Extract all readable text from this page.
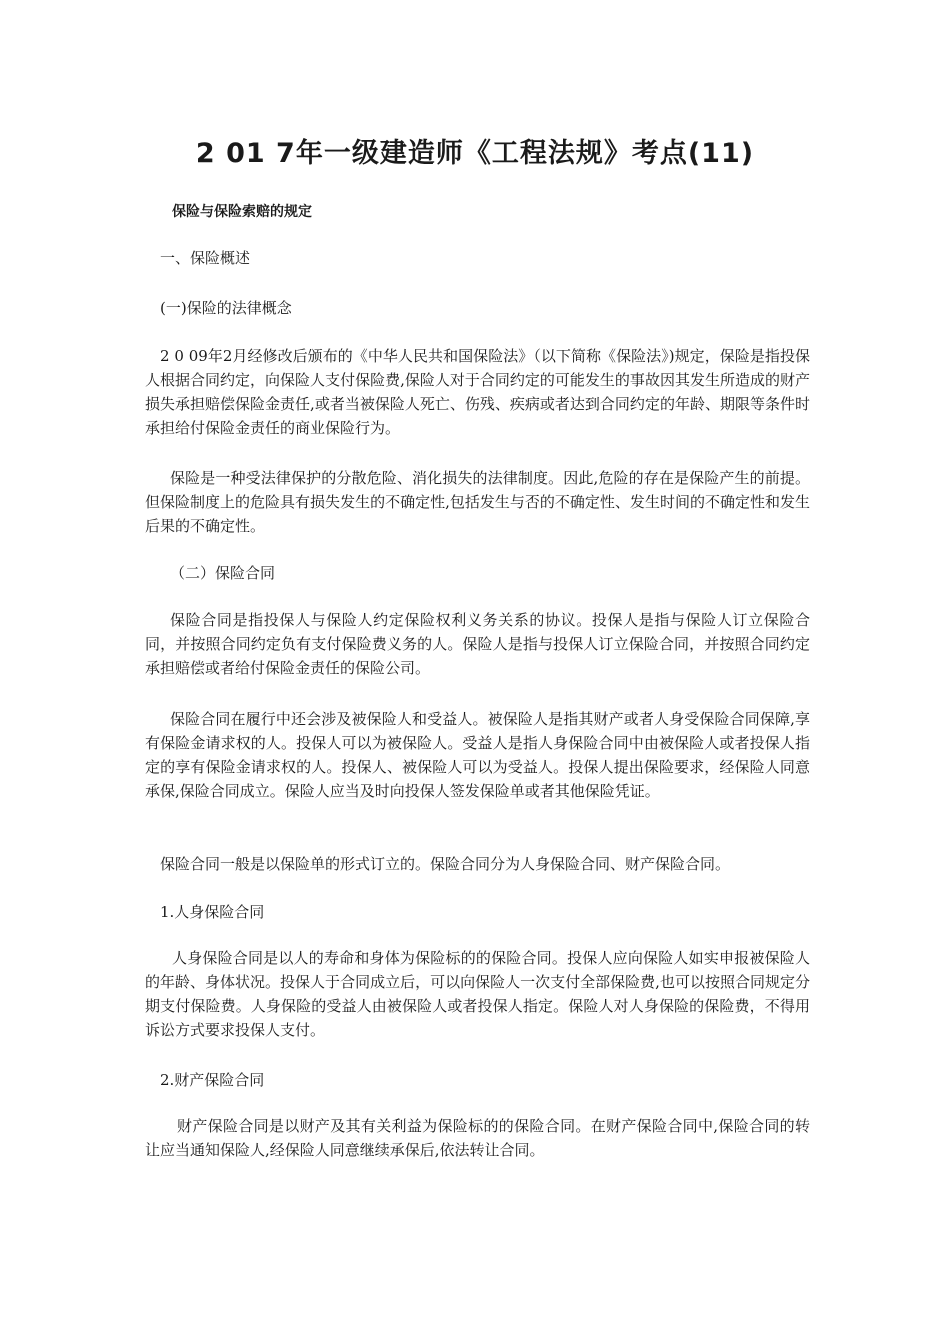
2 01 7年一级建造师《工程法规》考点(11)
保险与保险索赔的规定
一、保险概述
(一)保险的法律概念
2 0 09年2月经修改后颁布的《中华人民共和国保险法》（以下简称《保险法》)规定，保险是指投保人根据合同约定，向保险人支付保险费,保险人对于合同约定的可能发生的事故因其发生所造成的财产损失承担赔偿保险金责任,或者当被保险人死亡、伤残、疾病或者达到合同约定的年龄、期限等条件时承担给付保险金责任的商业保险行为。
保险是一种受法律保护的分散危险、消化损失的法律制度。因此,危险的存在是保险产生的前提。但保险制度上的危险具有损失发生的不确定性,包括发生与否的不确定性、发生时间的不确定性和发生后果的不确定性。
（二）保险合同
保险合同是指投保人与保险人约定保险权利义务关系的协议。投保人是指与保险人订立保险合同，并按照合同约定负有支付保险费义务的人。保险人是指与投保人订立保险合同，并按照合同约定承担赔偿或者给付保险金责任的保险公司。
保险合同在履行中还会涉及被保险人和受益人。被保险人是指其财产或者人身受保险合同保障,享有保险金请求权的人。投保人可以为被保险人。受益人是指人身保险合同中由被保险人或者投保人指定的享有保险金请求权的人。投保人、被保险人可以为受益人。投保人提出保险要求，经保险人同意承保,保险合同成立。保险人应当及时向投保人签发保险单或者其他保险凭证。
保险合同一般是以保险单的形式订立的。保险合同分为人身保险合同、财产保险合同。
1.人身保险合同
人身保险合同是以人的寿命和身体为保险标的的保险合同。投保人应向保险人如实申报被保险人的年龄、身体状况。投保人于合同成立后，可以向保险人一次支付全部保险费,也可以按照合同规定分期支付保险费。人身保险的受益人由被保险人或者投保人指定。保险人对人身保险的保险费，不得用诉讼方式要求投保人支付。
2.财产保险合同
财产保险合同是以财产及其有关利益为保险标的的保险合同。在财产保险合同中,保险合同的转让应当通知保险人,经保险人同意继续承保后,依法转让合同。
